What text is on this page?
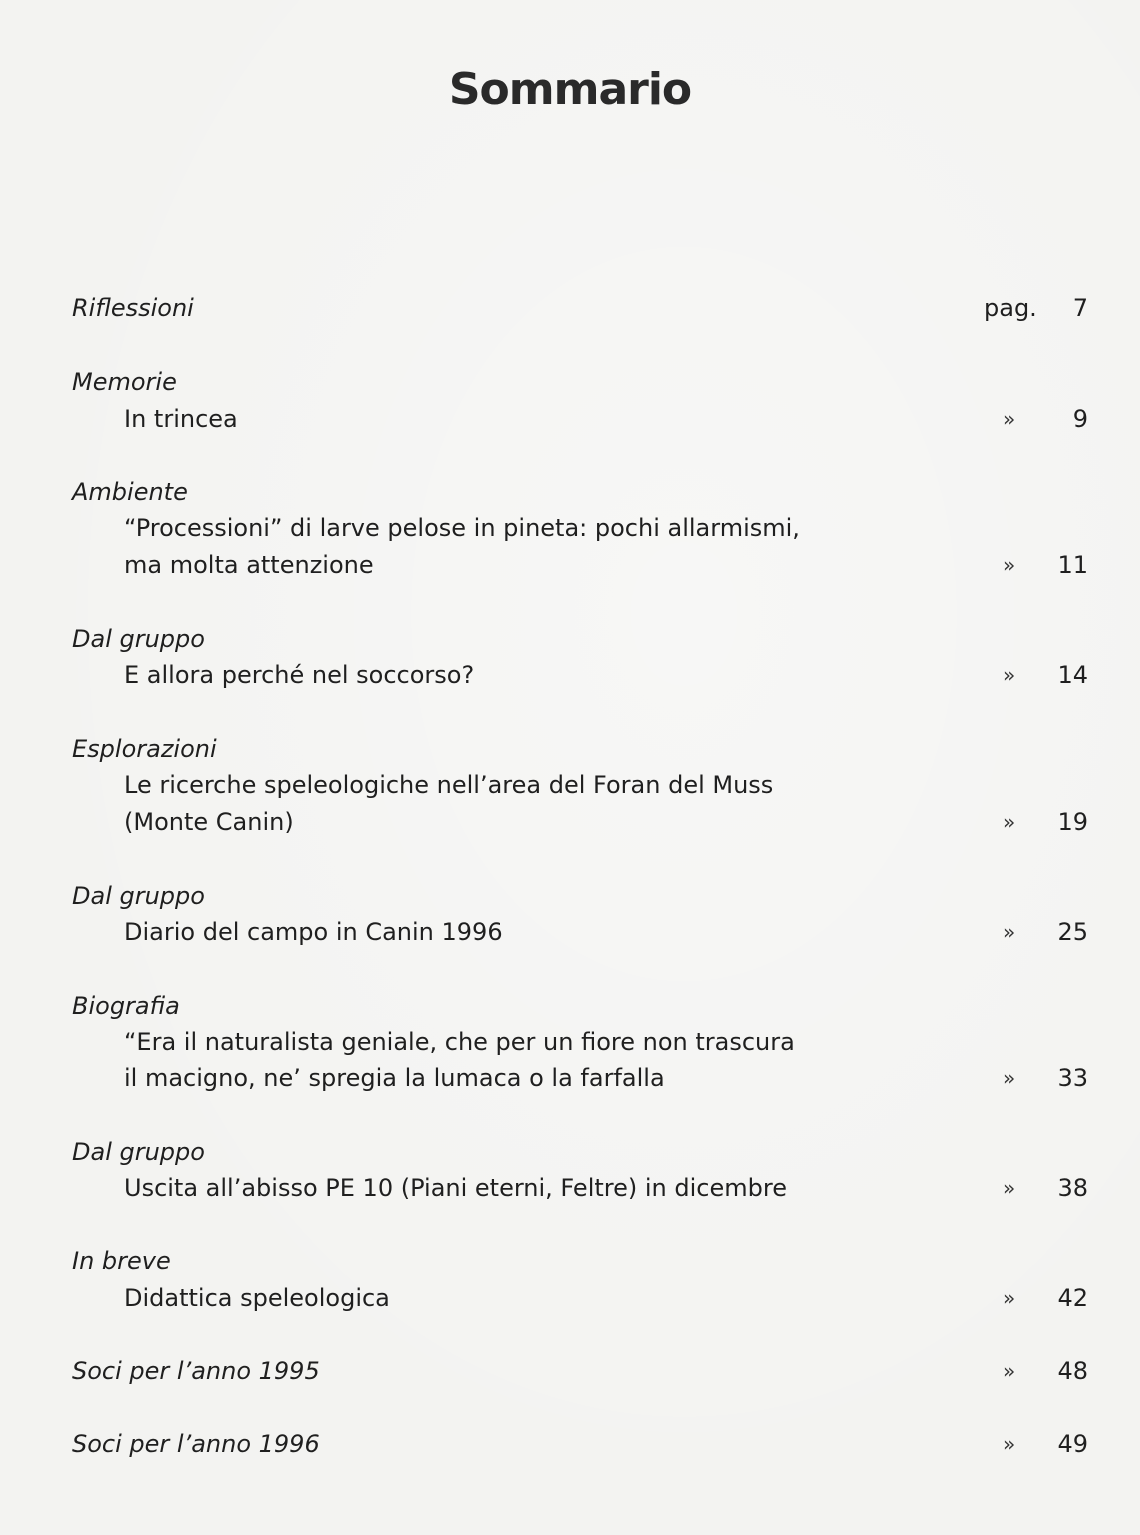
Sommario
Riflessioni	pag. 7
Memorie
In trincea	» 9
Ambiente
“Processioni” di larve pelose in pineta: pochi allarmismi,
ma molta attenzione	» 11
Dal gruppo
E allora perché nel soccorso?	» 14
Esplorazioni
Le ricerche speleologiche nell’area del Foran del Muss
(Monte Canin)	» 19
Dal gruppo
Diario del campo in Canin 1996	» 25
Biografia
“Era il naturalista geniale, che per un fiore non trascura
il macigno, ne’ spregia la lumaca o la farfalla	» 33
Dal gruppo
Uscita all’abisso PE 10 (Piani eterni, Feltre) in dicembre	» 38
In breve
Didattica speleologica	» 42
Soci per l’anno 1995	» 48
Soci per l’anno 1996	» 49
